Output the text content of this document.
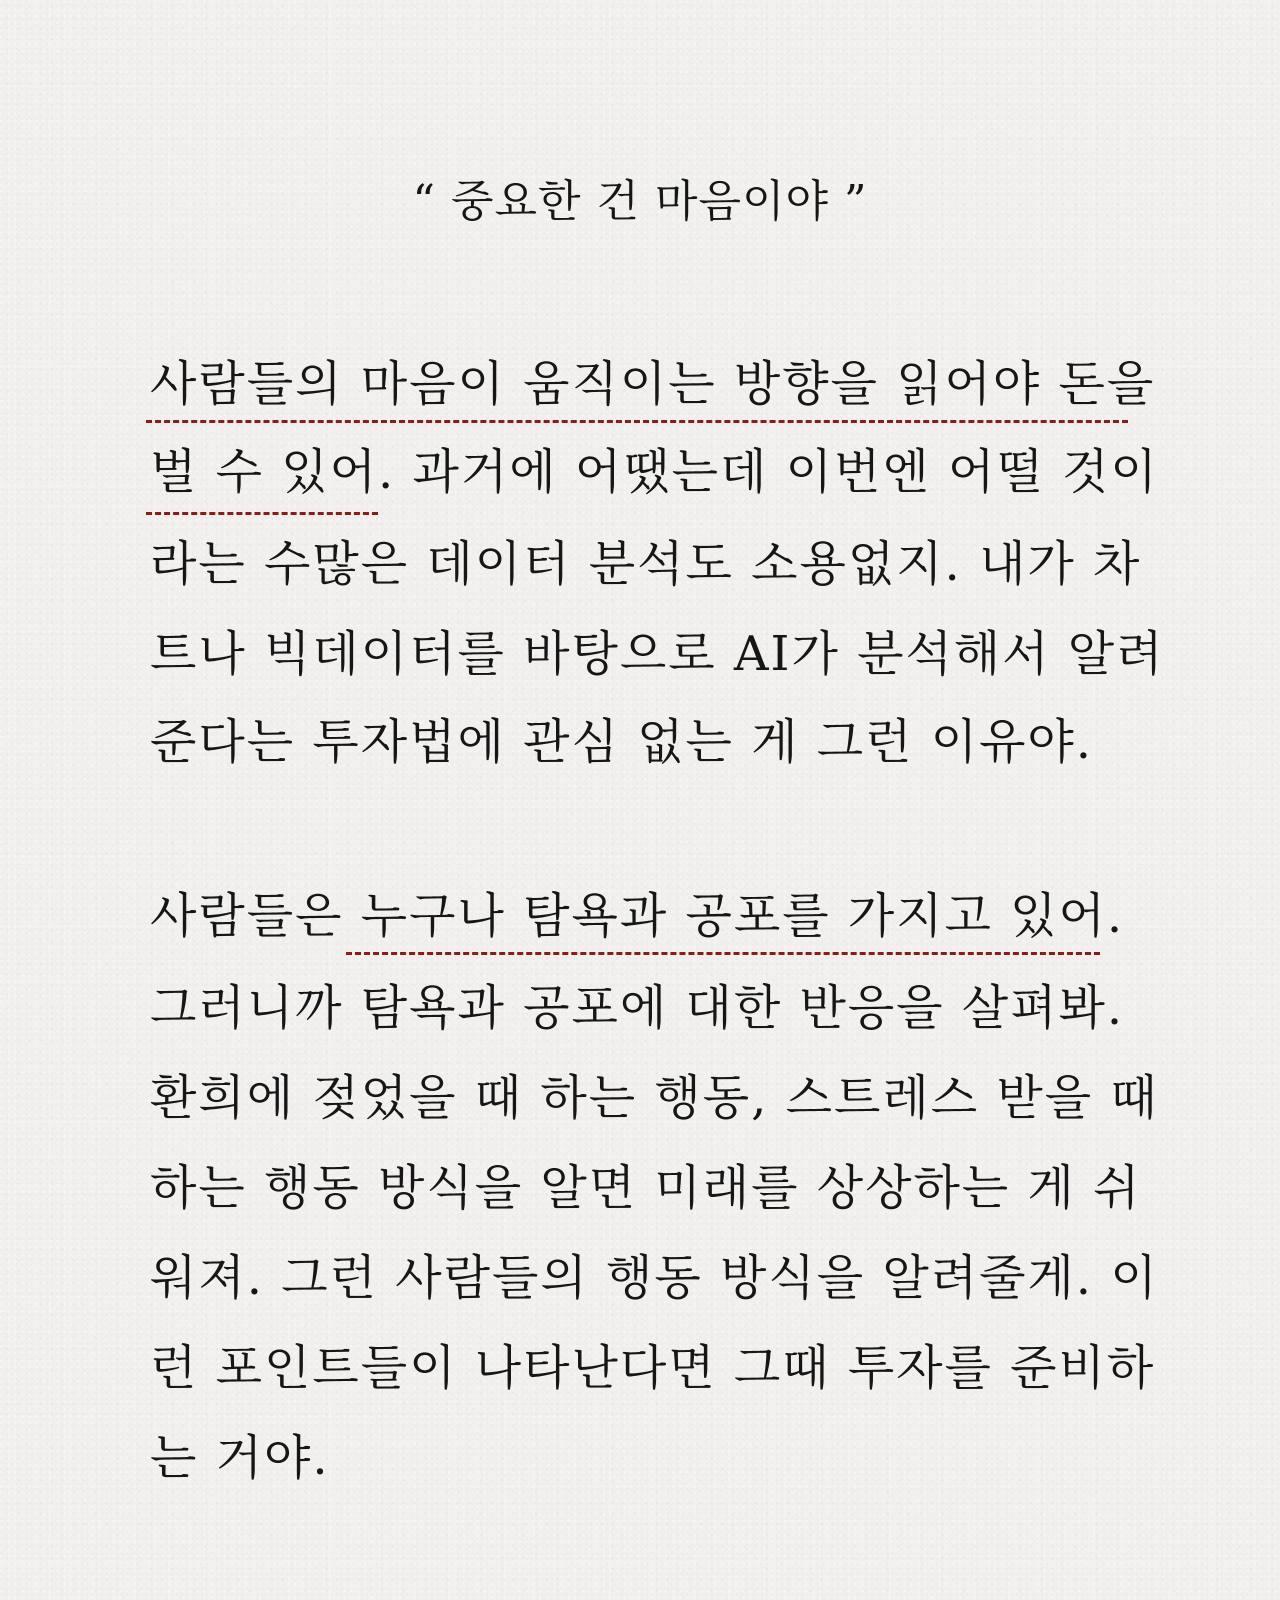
“ 중요한 건 마음이야 ”
사람들의 마음이 움직이는 방향을 읽어야 돈을
벌 수 있어. 과거에 어땠는데 이번엔 어떨 것이
라는 수많은 데이터 분석도 소용없지. 내가 차
트나 빅데이터를 바탕으로 AI가 분석해서 알려
준다는 투자법에 관심 없는 게 그런 이유야.
사람들은 누구나 탐욕과 공포를 가지고 있어.
그러니까 탐욕과 공포에 대한 반응을 살펴봐.
환희에 젖었을 때 하는 행동, 스트레스 받을 때
하는 행동 방식을 알면 미래를 상상하는 게 쉬
워져. 그런 사람들의 행동 방식을 알려줄게. 이
런 포인트들이 나타난다면 그때 투자를 준비하
는 거야.
